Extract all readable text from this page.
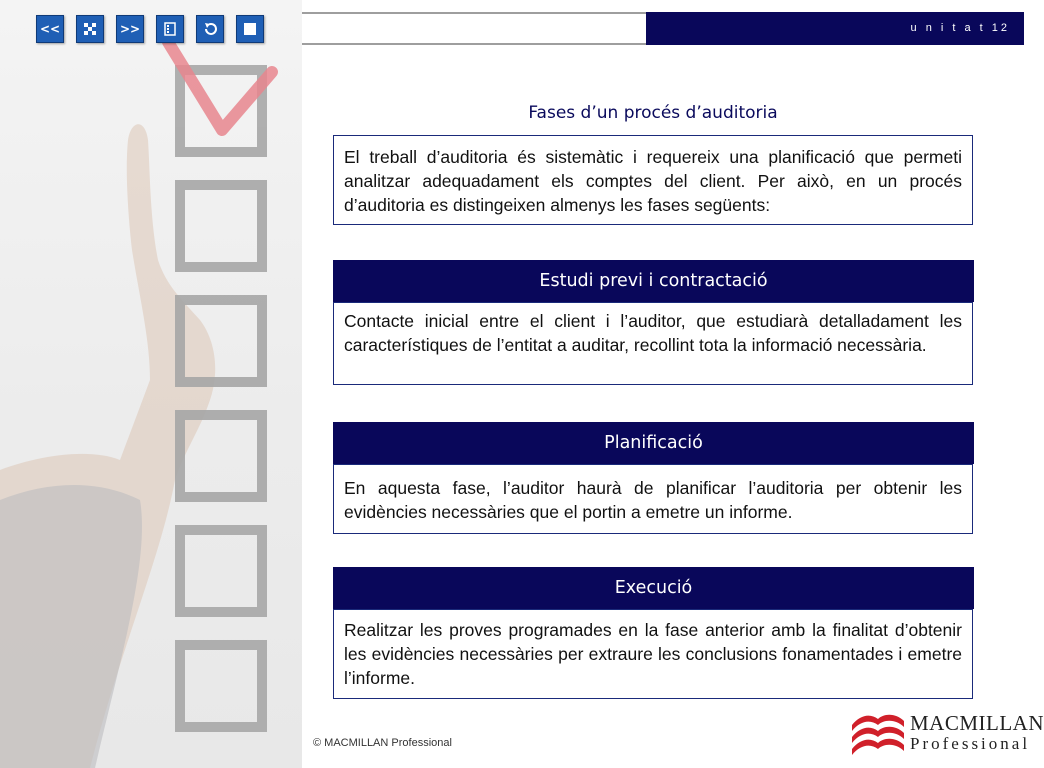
<<	>>	u n i t a t 12
Fases d’un procés d’auditoria
El treball d’auditoria és sistemàtic i requereix una planificació que permeti analitzar adequadament els comptes del client. Per això, en un procés d’auditoria es distingeixen almenys les fases següents:
Estudi previ i contractació
Contacte inicial entre el client i l’auditor, que estudiarà detalladament les característiques de l’entitat a auditar, recollint tota la informació necessària.
Planificació
En aquesta fase, l’auditor haurà de planificar l’auditoria per obtenir les evidències necessàries que el portin a emetre un informe.
Execució
Realitzar les proves programades en la fase anterior amb la finalitat d’obtenir les evidències necessàries per extraure les conclusions fonamentades i emetre l’informe.
© MACMILLAN Professional
MACMILLAN
Professional
